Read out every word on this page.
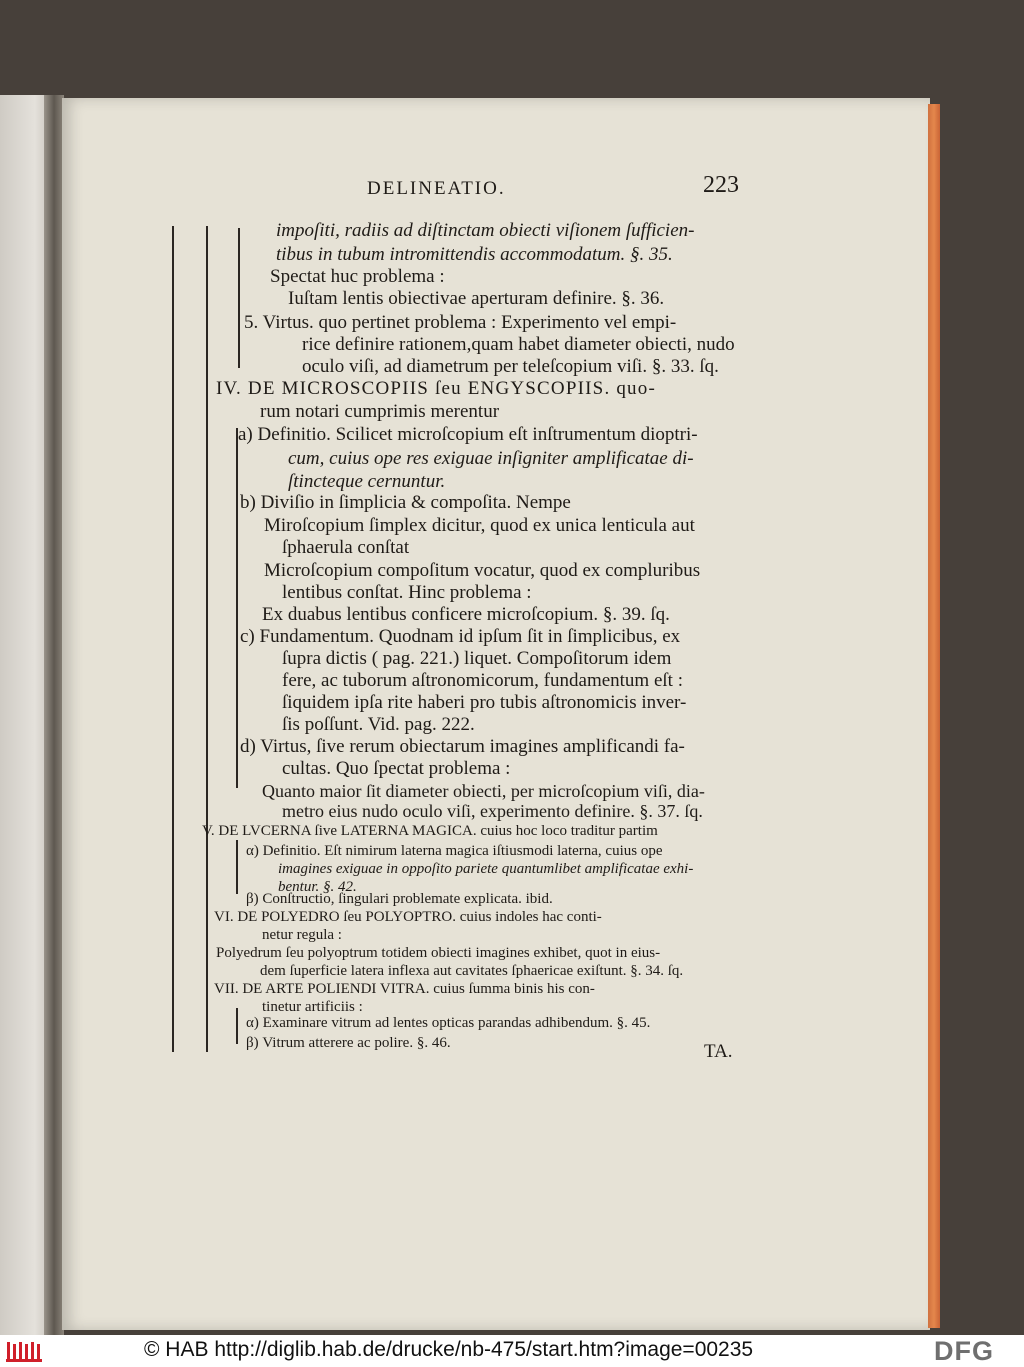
DELINEATIO.	223
impoſiti, radiis ad diſtinctam obiecti viſionem ſufficien-
tibus in tubum intromittendis accommodatum. §. 35.
Spectat huc problema :
Iuſtam lentis obiectivae aperturam definire. §. 36.
5. Virtus. quo pertinet problema : Experimento vel empi-
rice definire rationem,quam habet diameter obiecti, nudo
oculo viſi, ad diametrum per teleſcopium viſi. §. 33. ſq.
IV. DE MICROSCOPIIS ſeu ENGYSCOPIIS. quo-
rum notari cumprimis merentur
a) Definitio. Scilicet microſcopium eſt inſtrumentum dioptri-
cum, cuius ope res exiguae inſigniter amplificatae di-
ſtincteque cernuntur.
b) Diviſio in ſimplicia & compoſita. Nempe
Miroſcopium ſimplex dicitur, quod ex unica lenticula aut
ſphaerula conſtat
Microſcopium compoſitum vocatur, quod ex compluribus
lentibus conſtat. Hinc problema :
Ex duabus lentibus conficere microſcopium. §. 39. ſq.
c) Fundamentum. Quodnam id ipſum ſit in ſimplicibus, ex
ſupra dictis ( pag. 221.) liquet. Compoſitorum idem
fere, ac tuborum aſtronomicorum, fundamentum eſt :
ſiquidem ipſa rite haberi pro tubis aſtronomicis inver-
ſis poſſunt. Vid. pag. 222.
d) Virtus, ſive rerum obiectarum imagines amplificandi fa-
cultas. Quo ſpectat problema :
Quanto maior ſit diameter obiecti, per microſcopium viſi, dia-
metro eius nudo oculo viſi, experimento definire. §. 37. ſq.
V. DE LVCERNA ſive LATERNA MAGICA. cuius hoc loco traditur partim
α) Definitio. Eſt nimirum laterna magica iſtiusmodi laterna, cuius ope
imagines exiguae in oppoſito pariete quantumlibet amplificatae exhi-
bentur. §. 42.
β) Conſtructio, ſingulari problemate explicata. ibid.
VI. DE POLYEDRO ſeu POLYOPTRO. cuius indoles hac conti-
netur regula :
Polyedrum ſeu polyoptrum totidem obiecti imagines exhibet, quot in eius-
dem ſuperficie latera inflexa aut cavitates ſphaericae exiſtunt. §. 34. ſq.
VII. DE ARTE POLIENDI VITRA. cuius ſumma binis his con-
tinetur artificiis :
α) Examinare vitrum ad lentes opticas parandas adhibendum. §. 45.
β) Vitrum atterere ac polire. §. 46.	TA.
© HAB http://diglib.hab.de/drucke/nb-475/start.htm?image=00235	DFG
